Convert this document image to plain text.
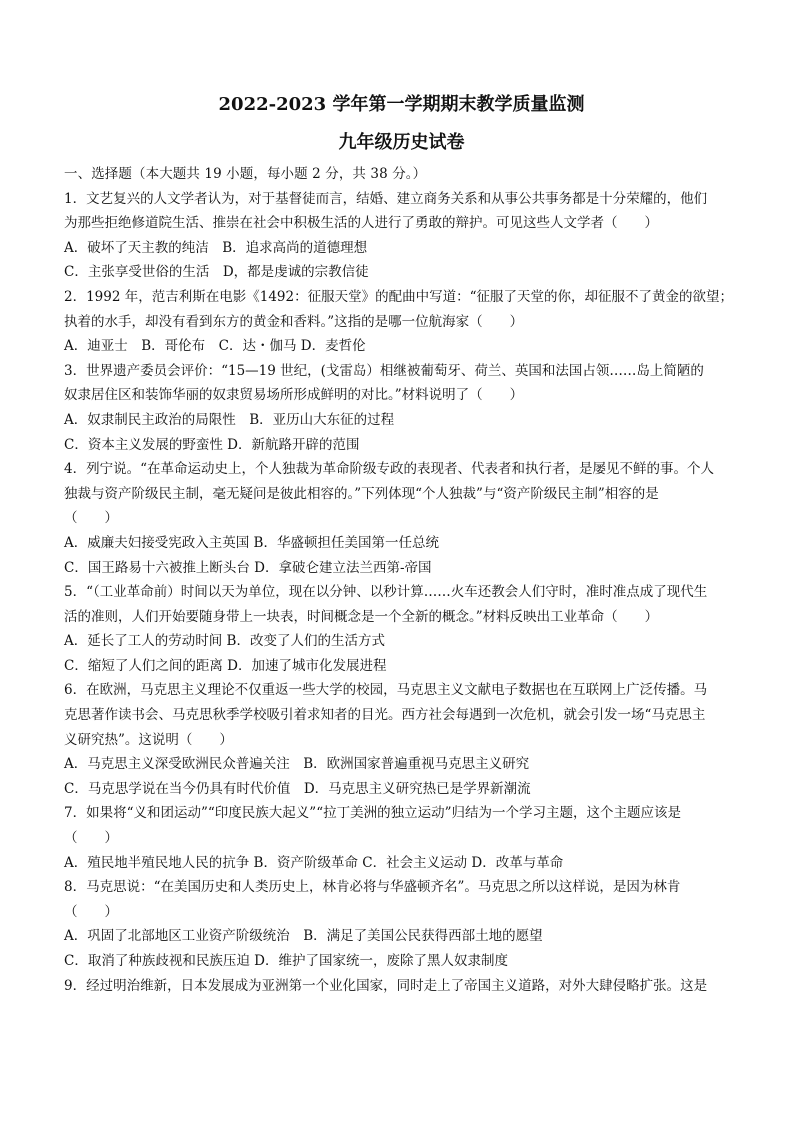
2022-2023 学年第一学期期末教学质量监测

九年级历史试卷

一、选择题（本大题共 19 小题，每小题 2 分，共 38 分。）

1．文艺复兴的人文学者认为，对于基督徒而言，结婚、建立商务关系和从事公共事务都是十分荣耀的，他们

为那些拒绝修道院生活、推崇在社会中积极生活的人进行了勇敢的辩护。可见这些人文学者（　　）

A．破坏了天主教的纯洁　B．追求高尚的道德理想

C．主张享受世俗的生活　D，都是虔诚的宗教信徒

2．1992 年，范吉利斯在电影《1492：征服天堂》的配曲中写道：“征服了天堂的你，却征服不了黄金的欲望；

执着的水手，却没有看到东方的黄金和香料。”这指的是哪一位航海家（　　）

A．迪亚士　B．哥伦布　C．达・伽马 D．麦哲伦

3．世界遗产委员会评价：“15—19 世纪，(戈雷岛）相继被葡萄牙、荷兰、英国和法国占领……岛上简陋的

奴隶居住区和装饰华丽的奴隶贸易场所形成鲜明的对比。”材料说明了（　　）

A．奴隶制民主政治的局限性　B．亚历山大东征的过程

C．资本主义发展的野蛮性 D．新航路开辟的范围

4．列宁说。“在革命运动史上，个人独裁为革命阶级专政的表现者、代表者和执行者，是屡见不鲜的事。个人

独裁与资产阶级民主制，毫无疑问是彼此相容的。”下列体现“个人独裁”与“资产阶级民主制”相容的是

（　　）

A．威廉夫妇接受宪政入主英国 B．华盛顿担任美国第一任总统

C．国王路易十六被推上断头台 D．拿破仑建立法兰西第-帝国

5．“（工业革命前）时间以天为单位，现在以分钟、以秒计算……火车还教会人们守时，准时准点成了现代生

活的准则，人们开始要随身带上一块表，时间概念是一个全新的概念。”材料反映出工业革命（　　）

A．延长了工人的劳动时间 B．改变了人们的生活方式

C．缩短了人们之间的距离 D．加速了城市化发展进程

6．在欧洲，马克思主义理论不仅重返一些大学的校园，马克思主义文献电子数据也在互联网上广泛传播。马

克思著作读书会、马克思秋季学校吸引着求知者的目光。西方社会每遇到一次危机，就会引发一场“马克思主

义研究热”。这说明（　　）

A．马克思主义深受欧洲民众普遍关注　B．欧洲国家普遍重视马克思主义研究

C．马克思学说在当今仍具有时代价值　D．马克思主义研究热已是学界新潮流

7．如果将“义和团运动”“印度民族大起义”“拉丁美洲的独立运动”归结为一个学习主题，这个主题应该是

（　　）

A．殖民地半殖民地人民的抗争 B．资产阶级革命 C．社会主义运动 D．改革与革命

8．马克思说：“在美国历史和人类历史上，林肯必将与华盛顿齐名”。马克思之所以这样说，是因为林肯

（　　）

A．巩固了北部地区工业资产阶级统治　B．满足了美国公民获得西部土地的愿望

C．取消了种族歧视和民族压迫 D．维护了国家统一，废除了黑人奴隶制度

9．经过明治维新，日本发展成为亚洲第一个业化国家，同时走上了帝国主义道路，对外大肆侵略扩张。这是
